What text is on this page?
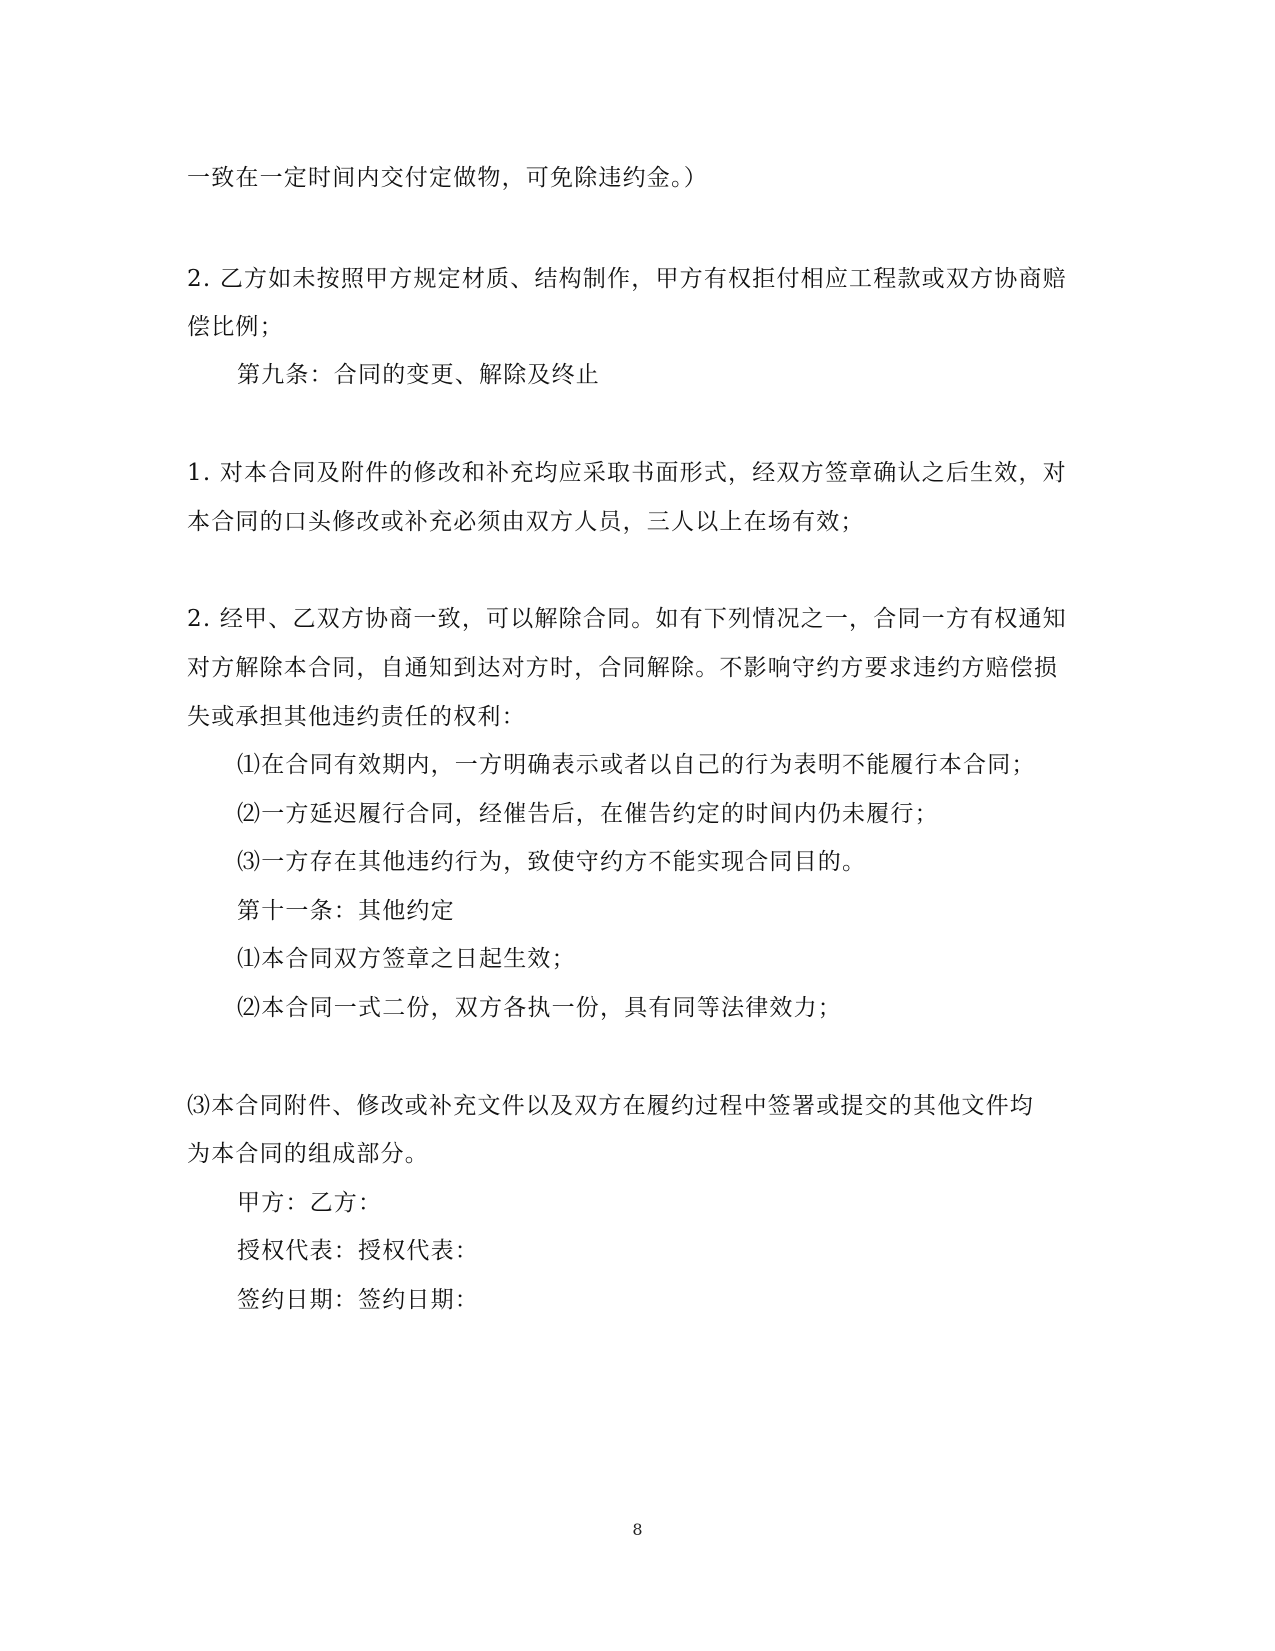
一致在一定时间内交付定做物，可免除违约金。）
2. 乙方如未按照甲方规定材质、结构制作，甲方有权拒付相应工程款或双方协商赔
偿比例；
第九条：合同的变更、解除及终止
1. 对本合同及附件的修改和补充均应采取书面形式，经双方签章确认之后生效，对
本合同的口头修改或补充必须由双方人员，三人以上在场有效；
2. 经甲、乙双方协商一致，可以解除合同。如有下列情况之一，合同一方有权通知
对方解除本合同，自通知到达对方时，合同解除。不影响守约方要求违约方赔偿损
失或承担其他违约责任的权利：
⑴在合同有效期内，一方明确表示或者以自己的行为表明不能履行本合同；
⑵一方延迟履行合同，经催告后，在催告约定的时间内仍未履行；
⑶一方存在其他违约行为，致使守约方不能实现合同目的。
第十一条：其他约定
⑴本合同双方签章之日起生效；
⑵本合同一式二份，双方各执一份，具有同等法律效力；
⑶本合同附件、修改或补充文件以及双方在履约过程中签署或提交的其他文件均
为本合同的组成部分。
甲方：乙方：
授权代表：授权代表：
签约日期：签约日期：
8
